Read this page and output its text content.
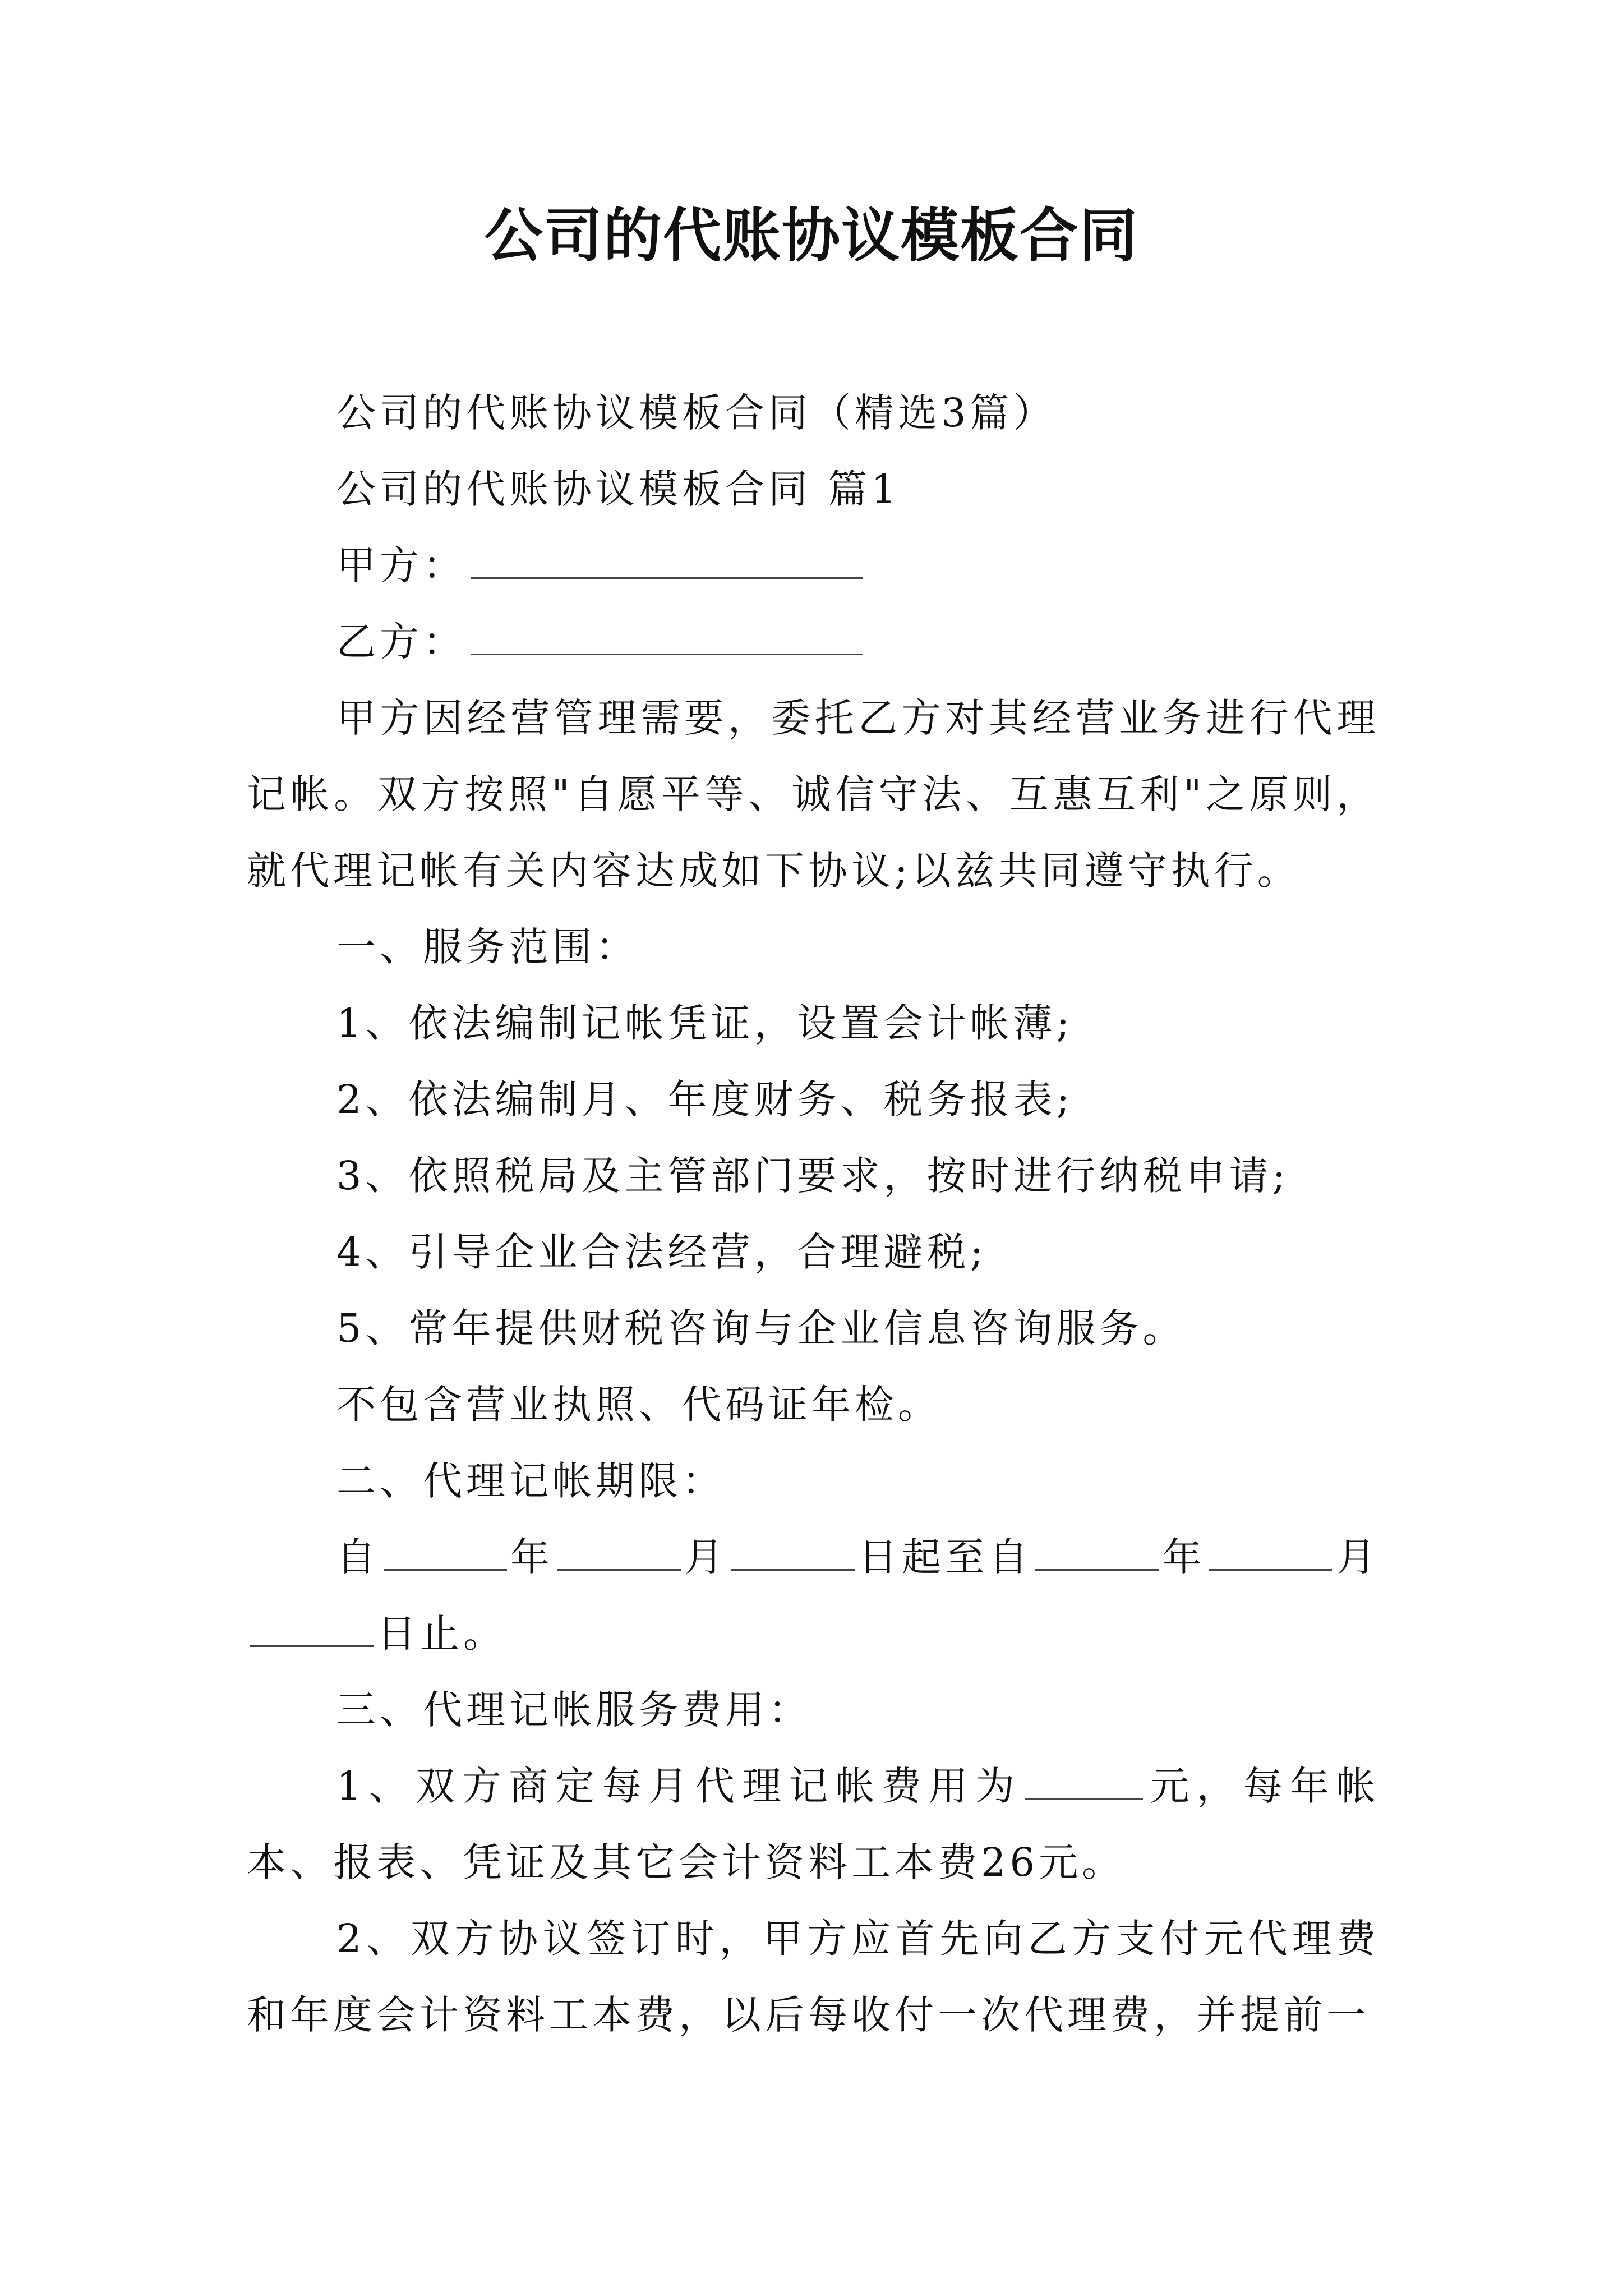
公司的代账协议模板合同

公司的代账协议模板合同（精选3篇）

公司的代账协议模板合同 篇1

甲方：

乙方：

甲方因经营管理需要，委托乙方对其经营业务进行代理记帐。双方按照"自愿平等、诚信守法、互惠互利"之原则，就代理记帐有关内容达成如下协议;以兹共同遵守执行。

一、服务范围：

1、依法编制记帐凭证，设置会计帐薄;

2、依法编制月、年度财务、税务报表;

3、依照税局及主管部门要求，按时进行纳税申请;

4、引导企业合法经营，合理避税;

5、常年提供财税咨询与企业信息咨询服务。

不包含营业执照、代码证年检。

二、代理记帐期限：

自	年	月	日起至自	年	月日止。

三、代理记帐服务费用：

1、双方商定每月代理记帐费用为	元，每年帐本、报表、凭证及其它会计资料工本费26元。

2、双方协议签订时，甲方应首先向乙方支付元代理费和年度会计资料工本费，以后每收付一次代理费，并提前一
